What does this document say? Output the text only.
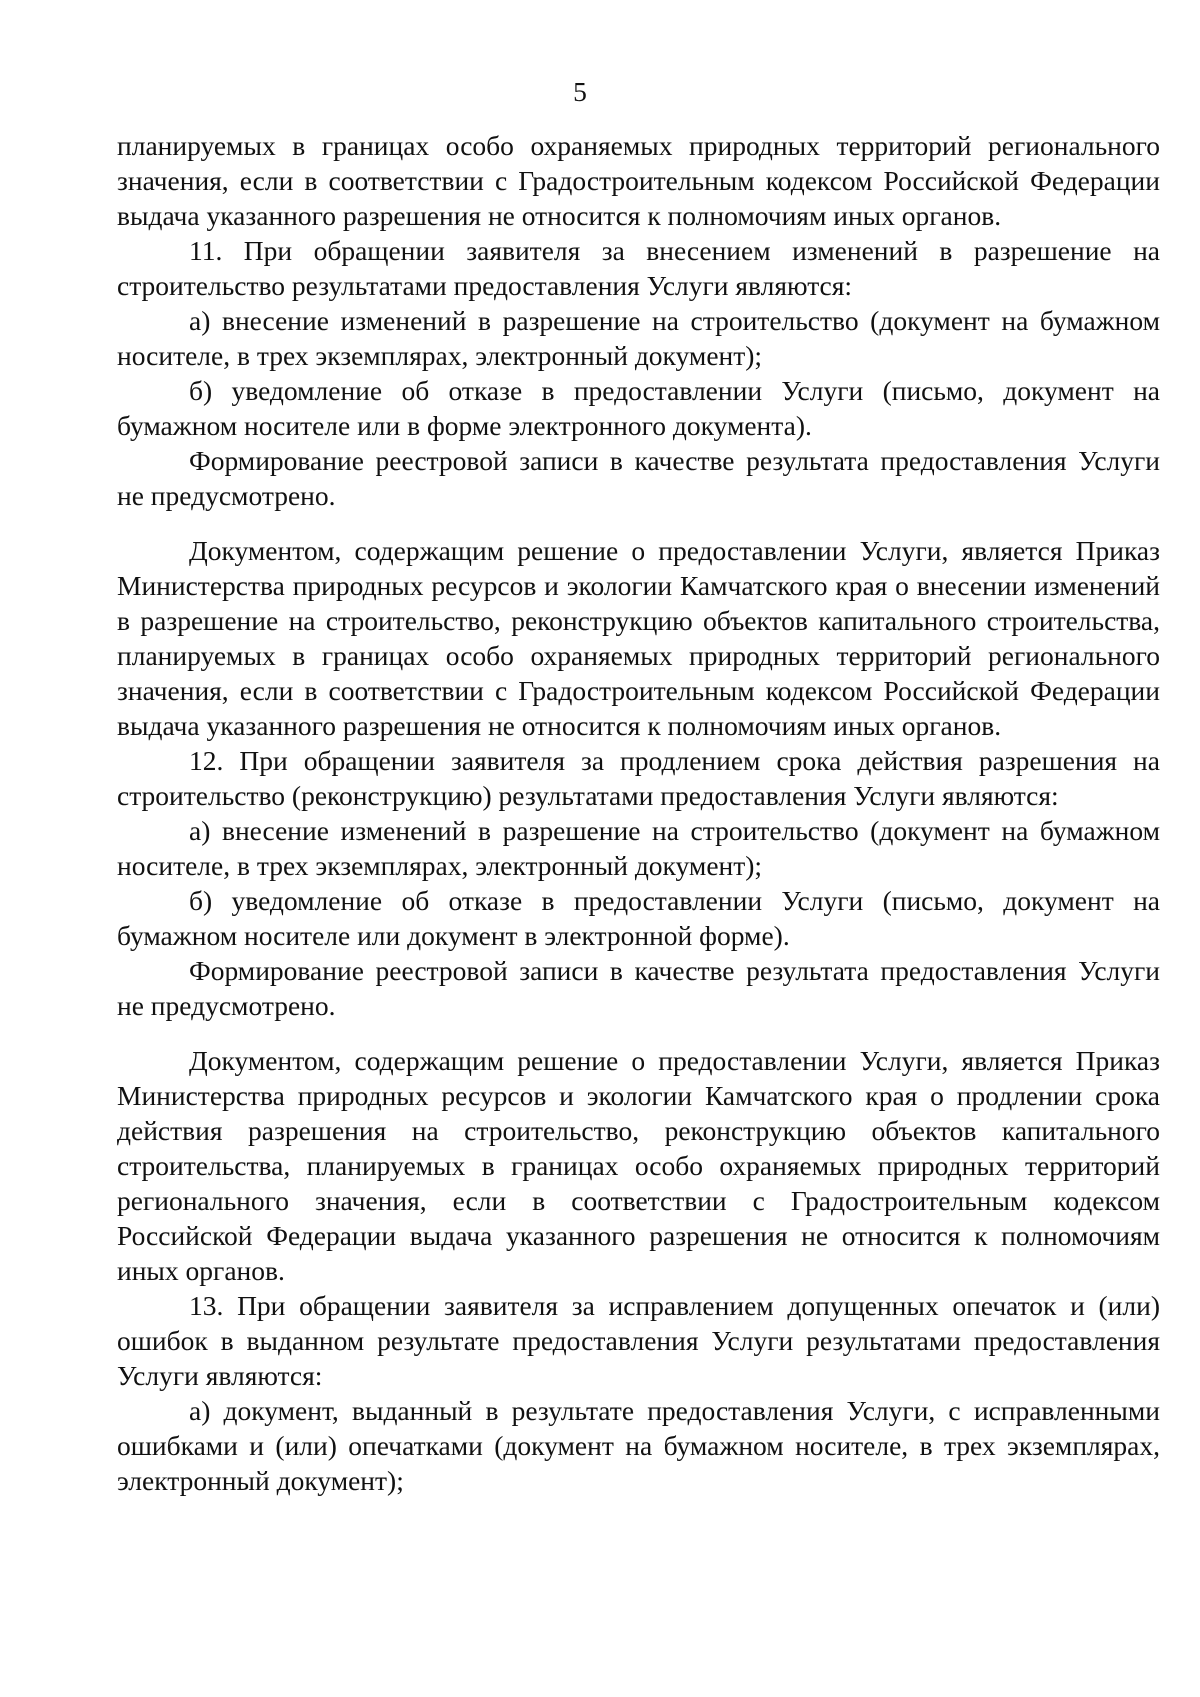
5

планируемых в границах особо охраняемых природных территорий регионального значения, если в соответствии с Градостроительным кодексом Российской Федерации выдача указанного разрешения не относится к полномочиям иных органов.

11. При обращении заявителя за внесением изменений в разрешение на строительство результатами предоставления Услуги являются:

а) внесение изменений в разрешение на строительство (документ на бумажном носителе, в трех экземплярах, электронный документ);

б) уведомление об отказе в предоставлении Услуги (письмо, документ на бумажном носителе или в форме электронного документа).

Формирование реестровой записи в качестве результата предоставления Услуги не предусмотрено.

Документом, содержащим решение о предоставлении Услуги, является Приказ Министерства природных ресурсов и экологии Камчатского края о внесении изменений в разрешение на строительство, реконструкцию объектов капитального строительства, планируемых в границах особо охраняемых природных территорий регионального значения, если в соответствии с Градостроительным кодексом Российской Федерации выдача указанного разрешения не относится к полномочиям иных органов.

12. При обращении заявителя за продлением срока действия разрешения на строительство (реконструкцию) результатами предоставления Услуги являются:

а) внесение изменений в разрешение на строительство (документ на бумажном носителе, в трех экземплярах, электронный документ);

б) уведомление об отказе в предоставлении Услуги (письмо, документ на бумажном носителе или документ в электронной форме).

Формирование реестровой записи в качестве результата предоставления Услуги не предусмотрено.

Документом, содержащим решение о предоставлении Услуги, является Приказ Министерства природных ресурсов и экологии Камчатского края о продлении срока действия разрешения на строительство, реконструкцию объектов капитального строительства, планируемых в границах особо охраняемых природных территорий регионального значения, если в соответствии с Градостроительным кодексом Российской Федерации выдача указанного разрешения не относится к полномочиям иных органов.

13. При обращении заявителя за исправлением допущенных опечаток и (или) ошибок в выданном результате предоставления Услуги результатами предоставления Услуги являются:

а) документ, выданный в результате предоставления Услуги, с исправленными ошибками и (или) опечатками (документ на бумажном носителе, в трех экземплярах, электронный документ);
